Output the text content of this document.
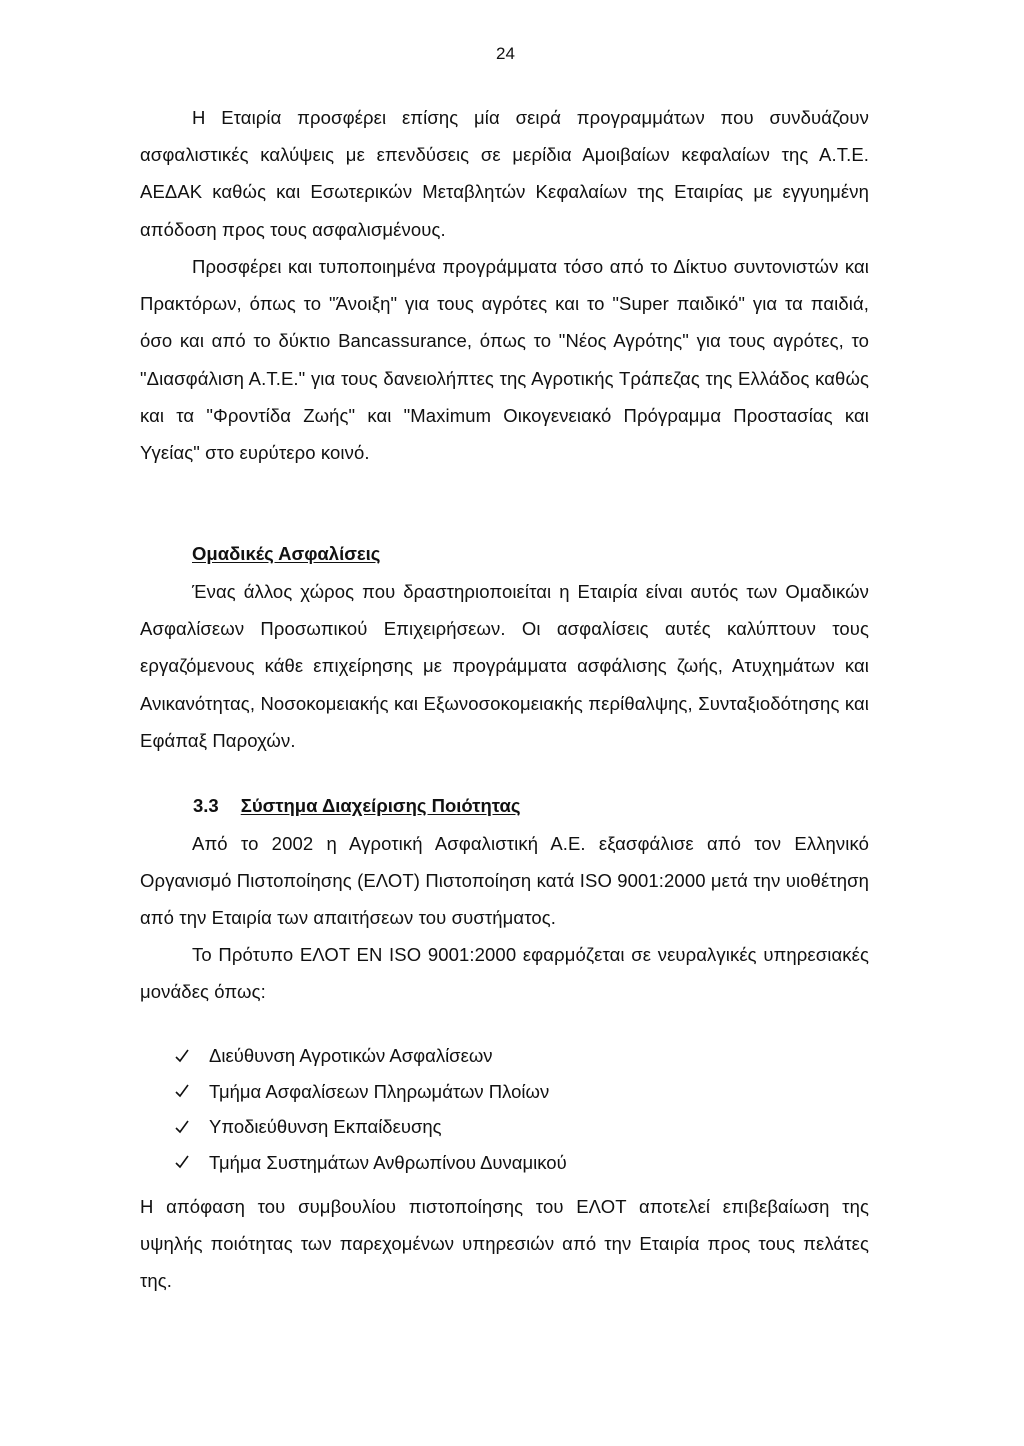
24

Η Εταιρία προσφέρει επίσης μία σειρά προγραμμάτων που συνδυάζουν ασφαλιστικές καλύψεις με επενδύσεις σε μερίδια Αμοιβαίων κεφαλαίων της Α.Τ.Ε. ΑΕΔΑΚ καθώς και Εσωτερικών Μεταβλητών Κεφαλαίων της Εταιρίας με εγγυημένη απόδοση προς τους ασφαλισμένους.

Προσφέρει και τυποποιημένα προγράμματα τόσο από το Δίκτυο συντονιστών και Πρακτόρων, όπως το "Άνοιξη" για τους αγρότες και το "Super παιδικό" για τα παιδιά, όσο και από το δύκτιο Bancassurance, όπως το "Νέος Αγρότης" για τους αγρότες, το "Διασφάλιση Α.Τ.Ε." για τους δανειολήπτες της Αγροτικής Τράπεζας της Ελλάδος καθώς και τα "Φροντίδα Ζωής" και "Maximum Οικογενειακό Πρόγραμμα Προστασίας και Υγείας" στο ευρύτερο κοινό.

Ομαδικές Ασφαλίσεις

Ένας άλλος χώρος που δραστηριοποιείται η Εταιρία είναι αυτός των Ομαδικών Ασφαλίσεων Προσωπικού Επιχειρήσεων. Οι ασφαλίσεις αυτές καλύπτουν τους εργαζόμενους κάθε επιχείρησης με προγράμματα ασφάλισης ζωής, Ατυχημάτων και Ανικανότητας, Νοσοκομειακής και Εξωνοσοκομειακής περίθαλψης, Συνταξιοδότησης και Εφάπαξ Παροχών.

3.3 Σύστημα Διαχείρισης Ποιότητας

Από το 2002 η Αγροτική Ασφαλιστική Α.Ε. εξασφάλισε από τον Ελληνικό Οργανισμό Πιστοποίησης (ΕΛΟΤ) Πιστοποίηση κατά ISO 9001:2000 μετά την υιοθέτηση από την Εταιρία των απαιτήσεων του συστήματος.

Το Πρότυπο ΕΛΟΤ ΕΝ ISO 9001:2000 εφαρμόζεται σε νευραλγικές υπηρεσιακές μονάδες όπως:

Διεύθυνση Αγροτικών Ασφαλίσεων
Τμήμα Ασφαλίσεων Πληρωμάτων Πλοίων
Υποδιεύθυνση Εκπαίδευσης
Τμήμα Συστημάτων Ανθρωπίνου Δυναμικού

Η απόφαση του συμβουλίου πιστοποίησης του ΕΛΟΤ αποτελεί επιβεβαίωση της υψηλής ποιότητας των παρεχομένων υπηρεσιών από την Εταιρία προς τους πελάτες της.
